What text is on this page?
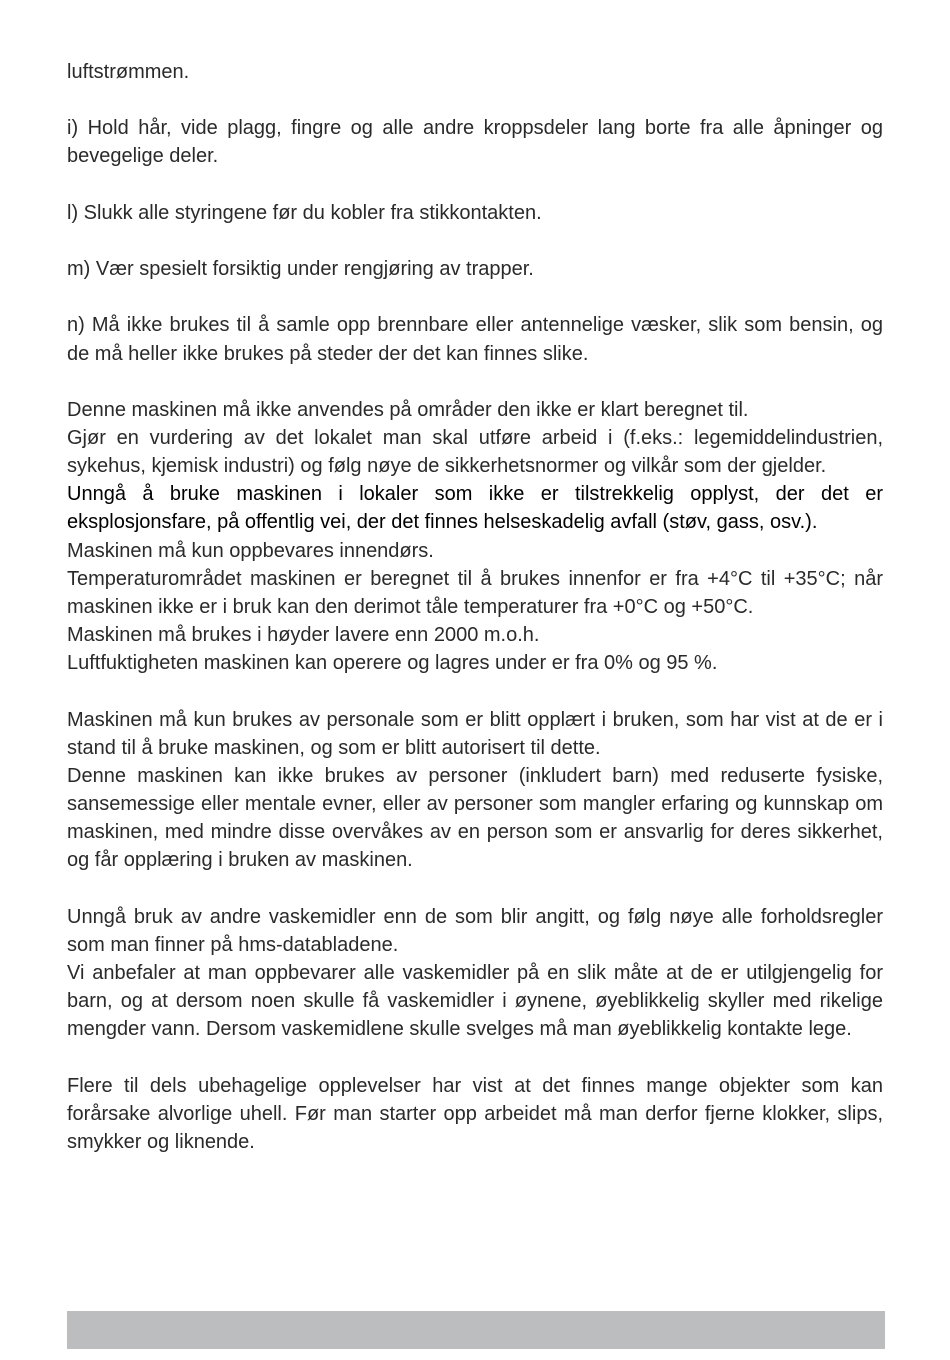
luftstrømmen.

i) Hold hår, vide plagg, fingre og alle andre kroppsdeler lang borte fra alle åpninger og bevegelige deler.

l) Slukk alle styringene før du kobler fra stikkontakten.

m) Vær spesielt forsiktig under rengjøring av trapper.

n) Må ikke brukes til å samle opp brennbare eller antennelige væsker, slik som bensin, og de må heller ikke brukes på steder der det kan finnes slike.

Denne maskinen må ikke anvendes på områder den ikke er klart beregnet til.

Gjør en vurdering av det lokalet man skal utføre arbeid i (f.eks.: legemiddelindustrien, sykehus, kjemisk industri) og følg nøye de sikkerhetsnormer og vilkår som der gjelder.

Unngå å bruke maskinen i lokaler som ikke er tilstrekkelig opplyst, der det er eksplosjonsfare, på offentlig vei, der det finnes helseskadelig avfall (støv, gass, osv.).

Maskinen må kun oppbevares innendørs.

Temperaturområdet maskinen er beregnet til å brukes innenfor er fra +4°C til +35°C; når maskinen ikke er i bruk kan den derimot tåle temperaturer fra +0°C og +50°C.

Maskinen må brukes i høyder lavere enn 2000 m.o.h.

Luftfuktigheten maskinen kan operere og lagres under er fra 0% og 95 %.

Maskinen må kun brukes av personale som er blitt opplært i bruken, som har vist at de er i stand til å bruke maskinen, og som er blitt autorisert til dette.

Denne maskinen kan ikke brukes av personer (inkludert barn) med reduserte fysiske, sansemessige eller mentale evner, eller av personer som mangler erfaring og kunnskap om maskinen, med mindre disse overvåkes av en person som er ansvarlig for deres sikkerhet, og får opplæring i bruken av maskinen.

Unngå bruk av andre vaskemidler enn de som blir angitt, og følg nøye alle forholdsregler som man finner på hms-databladene.

Vi anbefaler at man oppbevarer alle vaskemidler på en slik måte at de er utilgjengelig for barn, og at dersom noen skulle få vaskemidler i øynene, øyeblikkelig skyller med rikelige mengder vann. Dersom vaskemidlene skulle svelges må man øyeblikkelig kontakte lege.

Flere til dels ubehagelige opplevelser har vist at det finnes mange objekter som kan forårsake alvorlige uhell. Før man starter opp arbeidet må man derfor fjerne klokker, slips, smykker og liknende.
